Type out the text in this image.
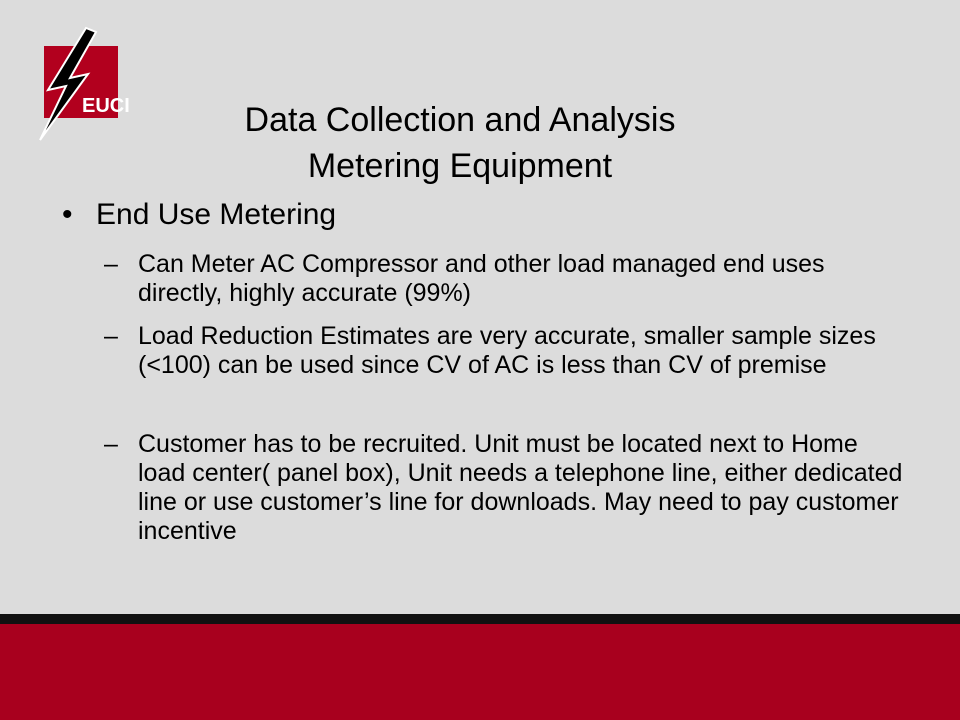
EUCI	Data Collection and Analysis
Metering Equipment
• End Use Metering
– Can Meter AC Compressor and other load managed end uses directly, highly accurate (99%)
– Load Reduction Estimates are very accurate, smaller sample sizes (<100) can be used since CV of AC is less than CV of premise
– Customer has to be recruited. Unit must be located next to Home load center( panel box), Unit needs a telephone line, either dedicated line or use customer’s line for downloads. May need to pay customer incentive
